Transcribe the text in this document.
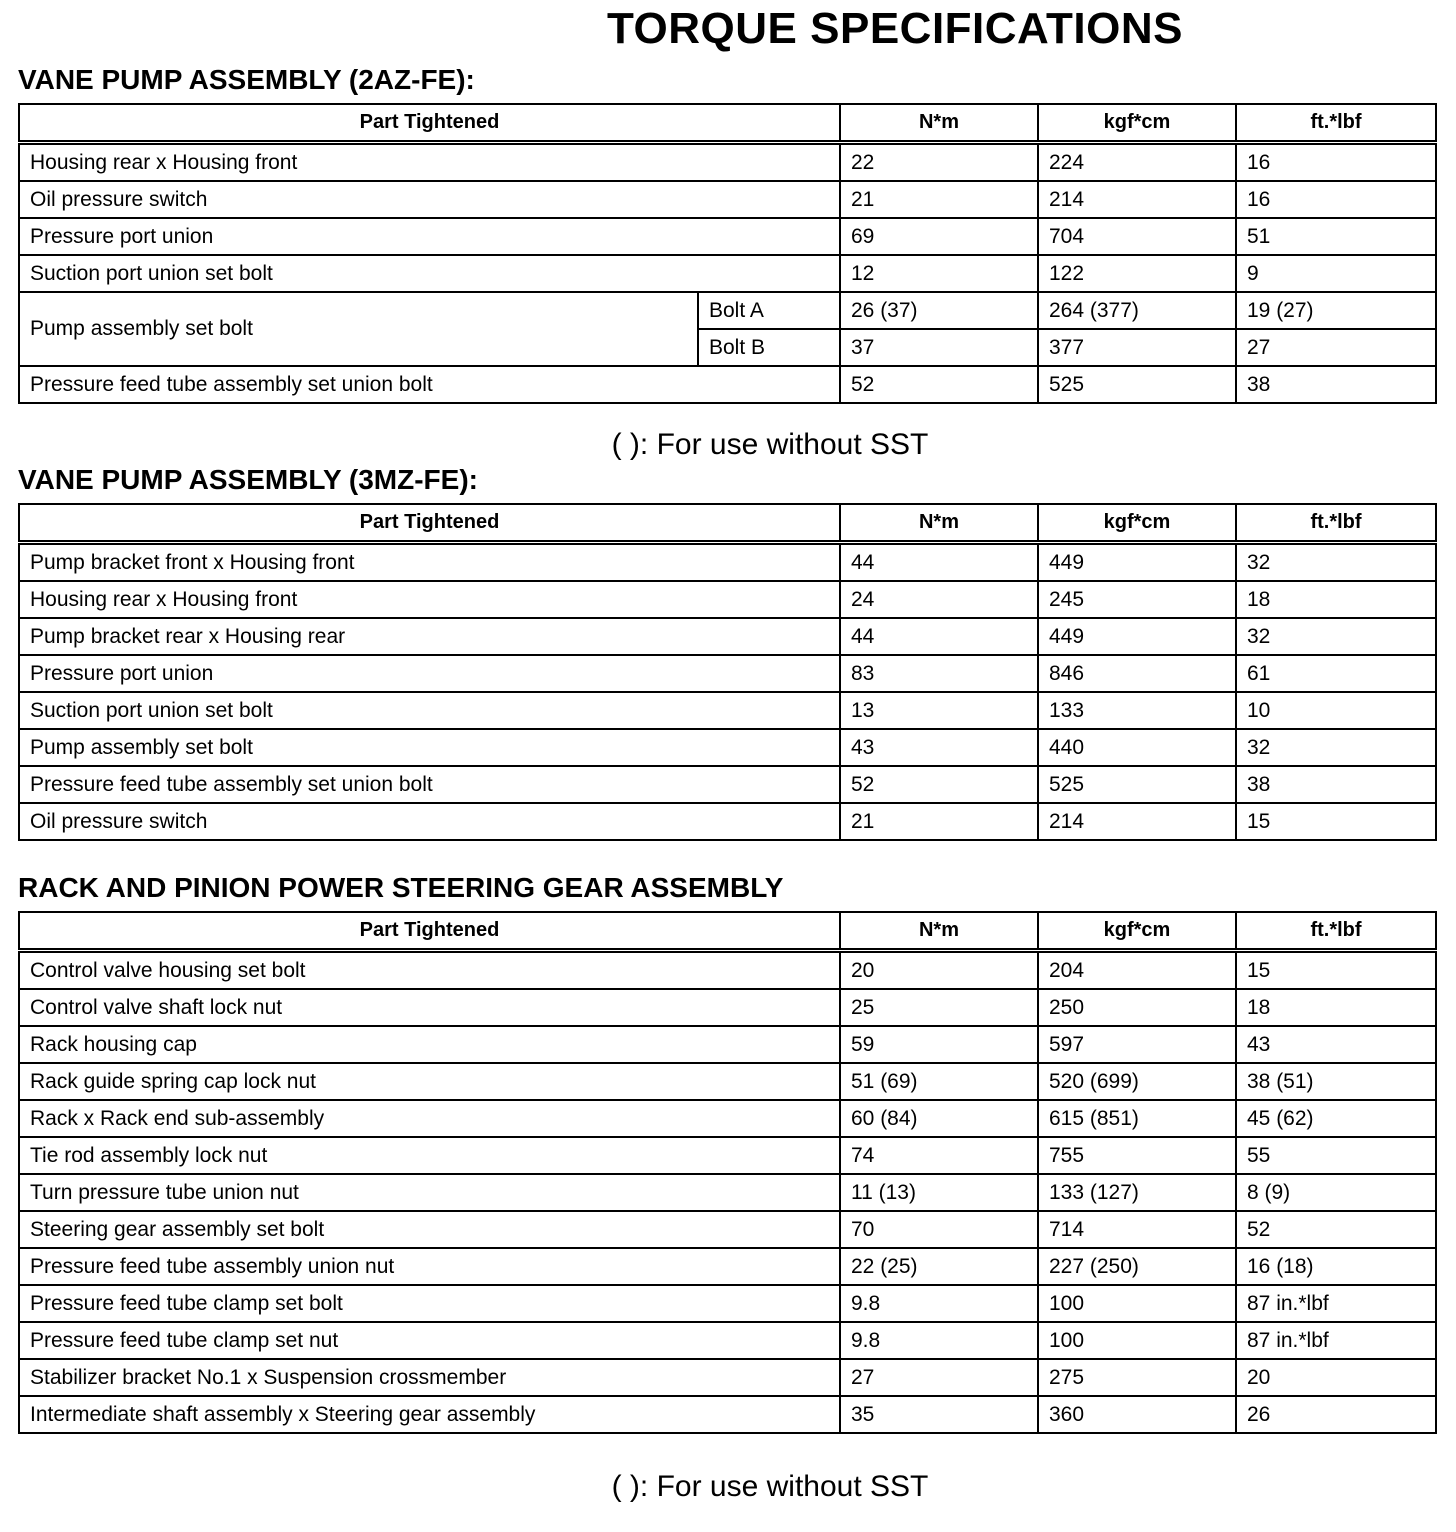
TORQUE SPECIFICATIONS
VANE PUMP ASSEMBLY (2AZ-FE):
Part Tightened		N*m	kgf*cm	ft.*lbf
Housing rear x Housing front		22	224	16
Oil pressure switch		21	214	16
Pressure port union		69	704	51
Suction port union set bolt		12	122	9
Pump assembly set bolt	Bolt A	26 (37)	264 (377)	19 (27)
	Bolt B	37	377	27
Pressure feed tube assembly set union bolt		52	525	38

( ): For use without SST

VANE PUMP ASSEMBLY (3MZ-FE):
Part Tightened	N*m	kgf*cm	ft.*lbf
Pump bracket front x Housing front	44	449	32
Housing rear x Housing front	24	245	18
Pump bracket rear x Housing rear	44	449	32
Pressure port union	83	846	61
Suction port union set bolt	13	133	10
Pump assembly set bolt	43	440	32
Pressure feed tube assembly set union bolt	52	525	38
Oil pressure switch	21	214	15
RACK AND PINION POWER STEERING GEAR ASSEMBLY
Part Tightened	N*m	kgf*cm	ft.*lbf
Control valve housing set bolt	20	204	15
Control valve shaft lock nut	25	250	18
Rack housing cap	59	597	43
Rack guide spring cap lock nut	51 (69)	520 (699)	38 (51)
Rack x Rack end sub-assembly	60 (84)	615 (851)	45 (62)
Tie rod assembly lock nut	74	755	55
Turn pressure tube union nut	11 (13)	133 (127)	8 (9)
Steering gear assembly set bolt	70	714	52
Pressure feed tube assembly union nut	22 (25)	227 (250)	16 (18)
Pressure feed tube clamp set bolt	9.8	100	87 in.*lbf
Pressure feed tube clamp set nut	9.8	100	87 in.*lbf
Stabilizer bracket No.1 x Suspension crossmember	27	275	20
Intermediate shaft assembly x Steering gear assembly	35	360	26

( ): For use without SST
